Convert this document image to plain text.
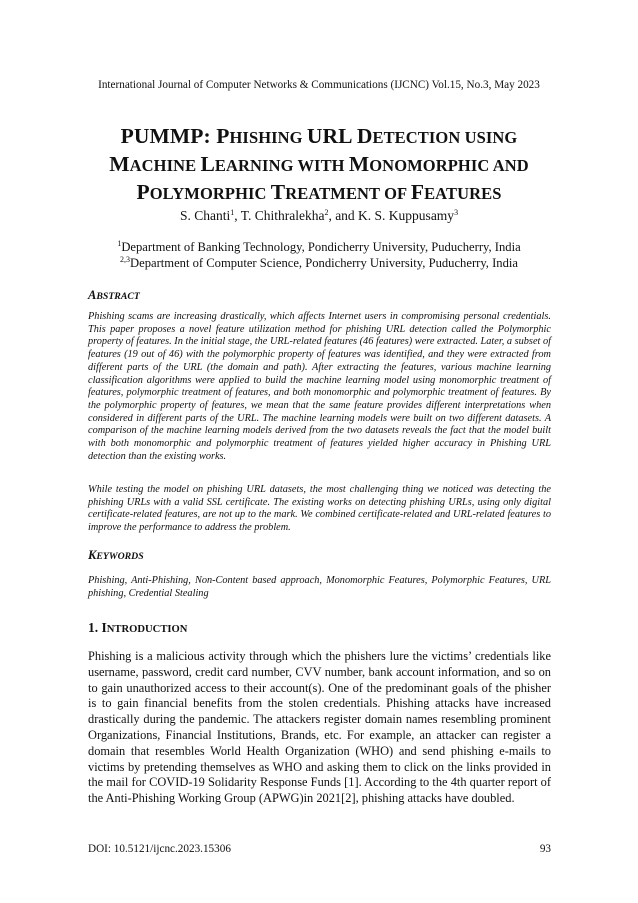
International Journal of Computer Networks & Communications (IJCNC) Vol.15, No.3, May 2023
PUMMP: PHISHING URL DETECTION USING
MACHINE LEARNING WITH MONOMORPHIC AND
POLYMORPHIC TREATMENT OF FEATURES
S. Chanti$^1$, T. Chithralekha$^2$, and K. S. Kuppusamy$^3$
$^1$Department of Banking Technology, Pondicherry University, Puducherry, India
$^{2,3}$Department of Computer Science, Pondicherry University, Puducherry, India
ABSTRACT
Phishing scams are increasing drastically, which affects Internet users in compromising personal credentials. This paper proposes a novel feature utilization method for phishing URL detection called the Polymorphic property of features. In the initial stage, the URL-related features (46 features) were extracted. Later, a subset of features (19 out of 46) with the polymorphic property of features was identified, and they were extracted from different parts of the URL (the domain and path). After extracting the features, various machine learning classification algorithms were applied to build the machine learning model using monomorphic treatment of features, polymorphic treatment of features, and both monomorphic and polymorphic treatment of features. By the polymorphic property of features, we mean that the same feature provides different interpretations when considered in different parts of the URL. The machine learning models were built on two different datasets. A comparison of the machine learning models derived from the two datasets reveals the fact that the model built with both monomorphic and polymorphic treatment of features yielded higher accuracy in Phishing URL detection than the existing works.
While testing the model on phishing URL datasets, the most challenging thing we noticed was detecting the phishing URLs with a valid SSL certificate. The existing works on detecting phishing URLs, using only digital certificate-related features, are not up to the mark. We combined certificate-related and URL-related features to improve the performance to address the problem.
KEYWORDS
Phishing, Anti-Phishing, Non-Content based approach, Monomorphic Features, Polymorphic Features, URL phishing, Credential Stealing
1. INTRODUCTION
Phishing is a malicious activity through which the phishers lure the victims’ credentials like username, password, credit card number, CVV number, bank account information, and so on to gain unauthorized access to their account(s). One of the predominant goals of the phisher is to gain financial benefits from the stolen credentials. Phishing attacks have increased drastically during the pandemic. The attackers register domain names resembling prominent Organizations, Financial Institutions, Brands, etc. For example, an attacker can register a domain that resembles World Health Organization (WHO) and send phishing e-mails to victims by pretending themselves as WHO and asking them to click on the links provided in the mail for COVID-19 Solidarity Response Funds [1]. According to the 4th quarter report of the Anti-Phishing Working Group (APWG)in 2021[2], phishing attacks have doubled.
DOI: 10.5121/ijcnc.2023.15306	93
